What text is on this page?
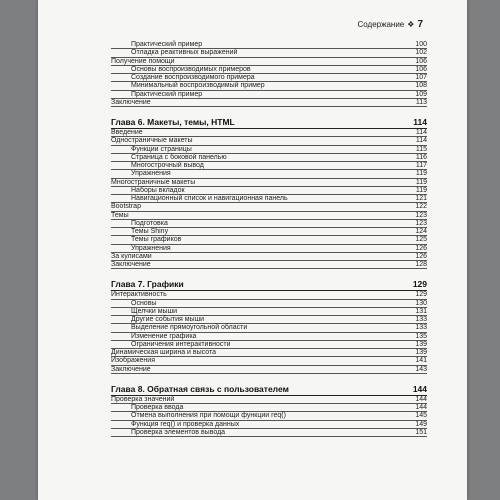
Содержание ❖ 7
Практический пример	100
Отладка реактивных выражений	102
Получение помощи	106
Основы воспроизводимых примеров	106
Создание воспроизводимого примера	107
Минимальный воспроизводимый пример	108
Практический пример	109
Заключение	113
Глава 6. Макеты, темы, HTML	114
Введение	114
Одностраничные макеты	114
Функции страницы	115
Страница с боковой панелью	116
Многострочный вывод	117
Упражнения	119
Многостраничные макеты	119
Наборы вкладок	119
Навигационный список и навигационная панель	121
Bootstrap	122
Темы	123
Подготовка	123
Темы Shiny	124
Темы графиков	125
Упражнения	126
За кулисами	126
Заключение	128
Глава 7. Графики	129
Интерактивность	129
Основы	130
Щелчки мыши	131
Другие события мыши	133
Выделение прямоугольной области	133
Изменение графика	135
Ограничения интерактивности	139
Динамическая ширина и высота	139
Изображения	141
Заключение	143
Глава 8. Обратная связь с пользователем	144
Проверка значений	144
Проверка ввода	144
Отмена выполнения при помощи функции req()	145
Функция req() и проверка данных	149
Проверка элементов вывода	151
